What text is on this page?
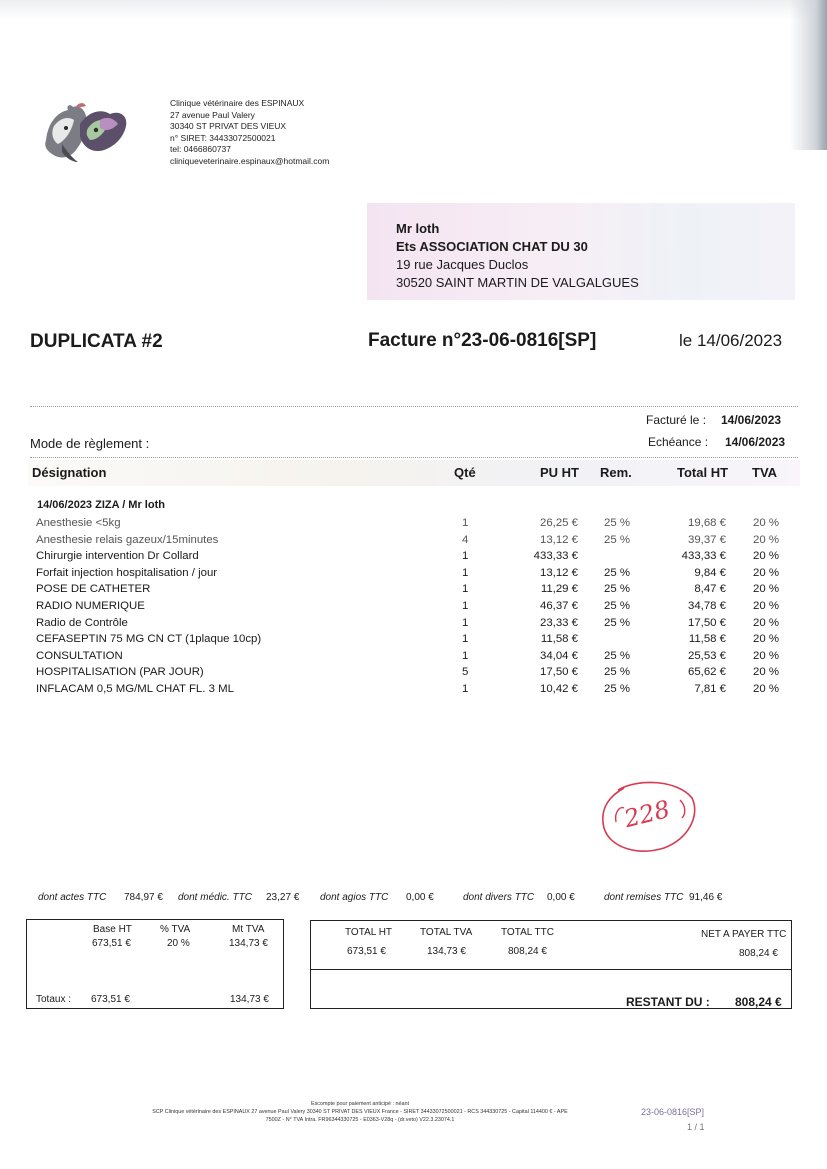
Clinique vétérinaire des ESPINAUX
27 avenue Paul Valery
30340 ST PRIVAT DES VIEUX
n° SIRET: 34433072500021
tel: 0466860737
cliniqueveterinaire.espinaux@hotmail.com
Mr loth
Ets ASSOCIATION CHAT DU 30
19 rue Jacques Duclos
30520 SAINT MARTIN DE VALGALGUES
DUPLICATA #2	Facture n°23-06-0816[SP]	le 14/06/2023
Facturé le : 14/06/2023
Echéance : 14/06/2023
Mode de règlement :
Désignation	Qté	PU HT Rem.	Total HT TVA
14/06/2023 ZIZA / Mr loth
Anesthesie <5kg	1	26,25 € 25 %	19,68 € 20 %
Anesthesie relais gazeux/15minutes	4	13,12 € 25 %	39,37 € 20 %
Chirurgie intervention Dr Collard	1	433,33 €	433,33 € 20 %
Forfait injection hospitalisation / jour	1	13,12 € 25 %	9,84 € 20 %
POSE DE CATHETER	1	11,29 € 25 %	8,47 € 20 %
RADIO NUMERIQUE	1	46,37 € 25 %	34,78 € 20 %
Radio de Contrôle	1	23,33 € 25 %	17,50 € 20 %
CEFASEPTIN 75 MG CN CT (1plaque 10cp)	1	11,58 €	11,58 € 20 %
CONSULTATION	1	34,04 € 25 %	25,53 € 20 %
HOSPITALISATION (PAR JOUR)	5	17,50 € 25 %	65,62 € 20 %
INFLACAM 0,5 MG/ML CHAT FL. 3 ML	1	10,42 € 25 %	7,81 € 20 %
228
dont actes TTC 784,97 € dont médic. TTC 23,27 € dont agios TTC 0,00 €	dont divers TTC 0,00 €	dont remises TTC 91,46 €
Base HT	% TVA	Mt TVA
673,51 €	20 %	134,73 €
Totaux : 673,51 €	134,73 €
TOTAL HT	TOTAL TVA	TOTAL TTC	NET A PAYER TTC
673,51 €	134,73 €	808,24 €	808,24 €
RESTANT DU : 808,24 €
Escompte pour paiement anticipé : néant
SCP Clinique vétérinaire des ESPINAUX 27 avenue Paul Valery 30340 ST PRIVAT DES VIEUX France - SIRET 34433072500021 - RCS 344330725 - Capital 114400 € - APE
7500Z - N° TVA Intra. FR96344330725 - E0363-V28q - (dr.veto) V22.3.23074.1
23-06-0816[SP]
1 / 1
